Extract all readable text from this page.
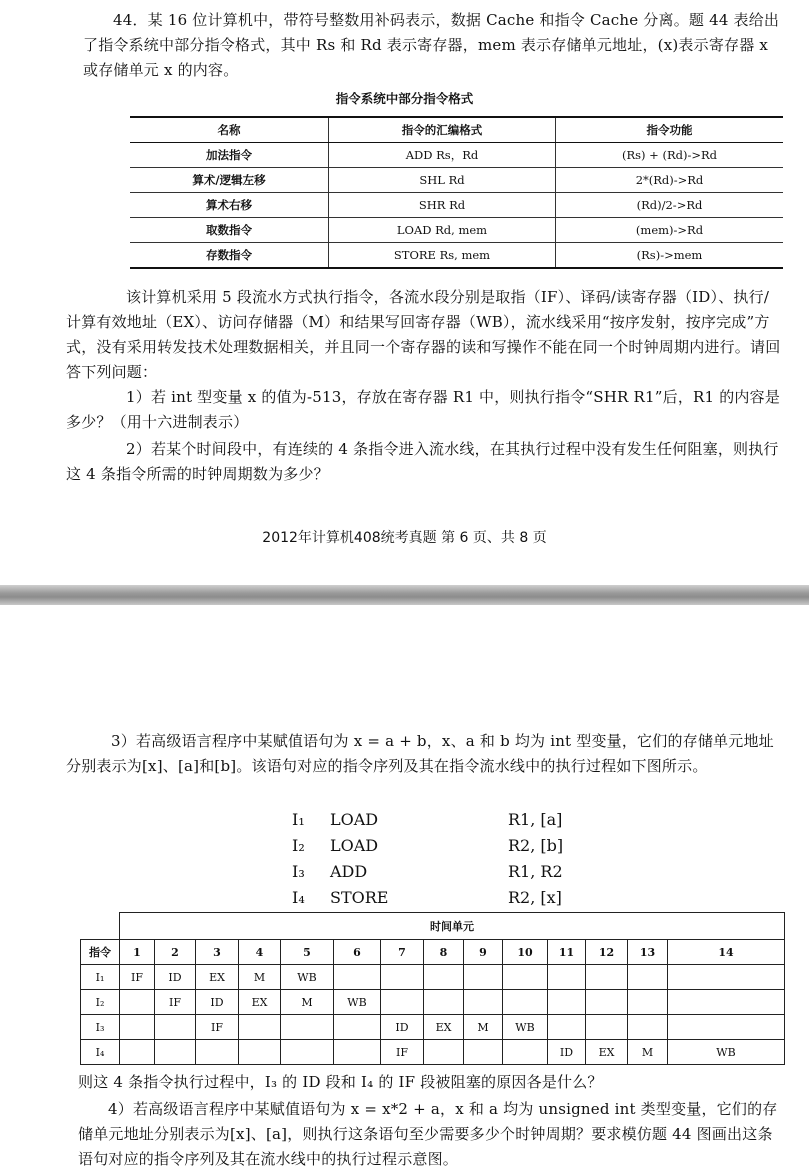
44．某 16 位计算机中，带符号整数用补码表示，数据 Cache 和指令 Cache 分离。题 44 表给出了指令系统中部分指令格式，其中 Rs 和 Rd 表示寄存器，mem 表示存储单元地址，(x)表示寄存器 x 或存储单元 x 的内容。
指令系统中部分指令格式
名称	指令的汇编格式	指令功能
加法指令	ADD Rs，Rd	(Rs) + (Rd)->Rd
算术/逻辑左移	SHL Rd	2*(Rd)->Rd
算术右移	SHR Rd	(Rd)/2->Rd
取数指令	LOAD Rd, mem	(mem)->Rd
存数指令	STORE Rs, mem	(Rs)->mem
该计算机采用 5 段流水方式执行指令，各流水段分别是取指（IF）、译码/读寄存器（ID）、执行/计算有效地址（EX）、访问存储器（M）和结果写回寄存器（WB），流水线采用“按序发射，按序完成”方式，没有采用转发技术处理数据相关，并且同一个寄存器的读和写操作不能在同一个时钟周期内进行。请回答下列问题：
1）若 int 型变量 x 的值为-513，存放在寄存器 R1 中，则执行指令“SHR R1”后，R1 的内容是多少？（用十六进制表示）
2）若某个时间段中，有连续的 4 条指令进入流水线，在其执行过程中没有发生任何阻塞，则执行这 4 条指令所需的时钟周期数为多少？
2012年计算机408统考真题 第 6 页、共 8 页
3）若高级语言程序中某赋值语句为 x = a + b，x、a 和 b 均为 int 型变量，它们的存储单元地址分别表示为[x]、[a]和[b]。该语句对应的指令序列及其在指令流水线中的执行过程如下图所示。
I₁ LOAD	R1, [a]
I₂ LOAD	R2, [b]
I₃ ADD	R1, R2
I₄ STORE	R2, [x]
	时间单元													
指令	1	2	3	4	5	6	7	8	9	10	11	12	13	14
I₁	IF	ID	EX	M	WB									
I₂		IF	ID	EX	M	WB								
I₃			IF				ID	EX	M	WB				
I₄							IF				ID	EX	M	WB
则这 4 条指令执行过程中，I₃ 的 ID 段和 I₄ 的 IF 段被阻塞的原因各是什么？
4）若高级语言程序中某赋值语句为 x = x*2 + a，x 和 a 均为 unsigned int 类型变量，它们的存储单元地址分别表示为[x]、[a]，则执行这条语句至少需要多少个时钟周期？要求模仿题 44 图画出这条语句对应的指令序列及其在流水线中的执行过程示意图。
